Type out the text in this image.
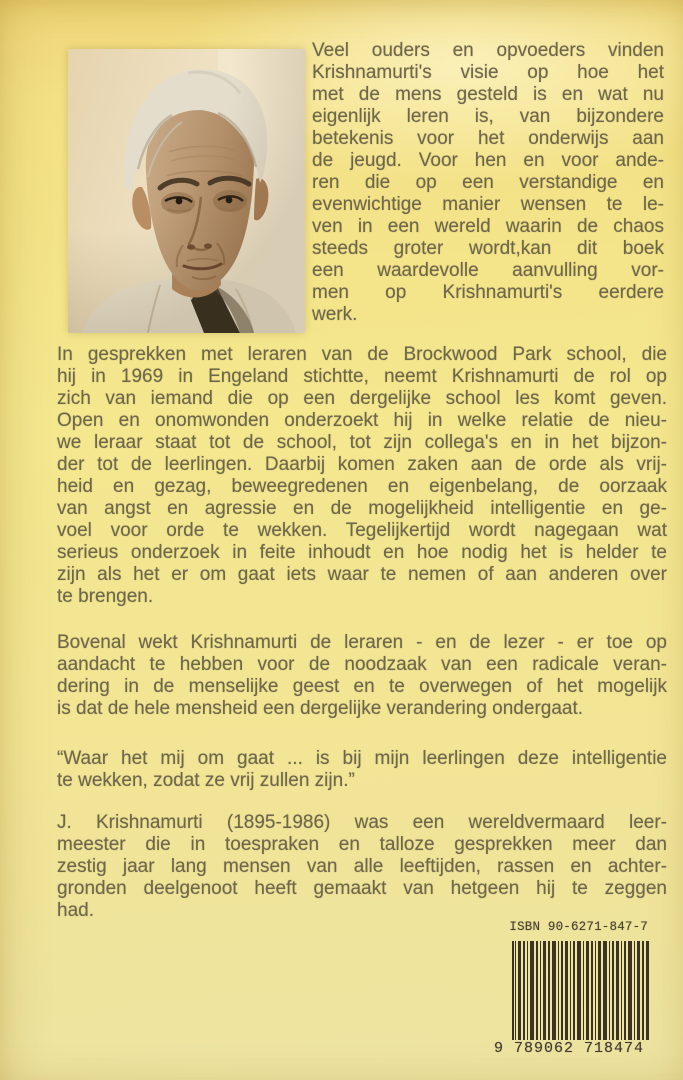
Veel ouders en opvoeders vinden
Krishnamurti's visie op hoe het
met de mens gesteld is en wat nu
eigenlijk leren is, van bijzondere
betekenis voor het onderwijs aan
de jeugd. Voor hen en voor ande-
ren die op een verstandige en
evenwichtige manier wensen te le-
ven in een wereld waarin de chaos
steeds groter wordt,kan dit boek
een waardevolle aanvulling vor-
men op Krishnamurti's eerdere
werk.
In gesprekken met leraren van de Brockwood Park school, die
hij in 1969 in Engeland stichtte, neemt Krishnamurti de rol op
zich van iemand die op een dergelijke school les komt geven.
Open en onomwonden onderzoekt hij in welke relatie de nieu-
we leraar staat tot de school, tot zijn collega's en in het bijzon-
der tot de leerlingen. Daarbij komen zaken aan de orde als vrij-
heid en gezag, beweegredenen en eigenbelang, de oorzaak
van angst en agressie en de mogelijkheid intelligentie en ge-
voel voor orde te wekken. Tegelijkertijd wordt nagegaan wat
serieus onderzoek in feite inhoudt en hoe nodig het is helder te
zijn als het er om gaat iets waar te nemen of aan anderen over
te brengen.
Bovenal wekt Krishnamurti de leraren - en de lezer - er toe op
aandacht te hebben voor de noodzaak van een radicale veran-
dering in de menselijke geest en te overwegen of het mogelijk
is dat de hele mensheid een dergelijke verandering ondergaat.
“Waar het mij om gaat ... is bij mijn leerlingen deze intelligentie
te wekken, zodat ze vrij zullen zijn.”
J. Krishnamurti (1895-1986) was een wereldvermaard leer-
meester die in toespraken en talloze gesprekken meer dan
zestig jaar lang mensen van alle leeftijden, rassen en achter-
gronden deelgenoot heeft gemaakt van hetgeen hij te zeggen
had.
ISBN 90-6271-847-7
9 789062 718474
